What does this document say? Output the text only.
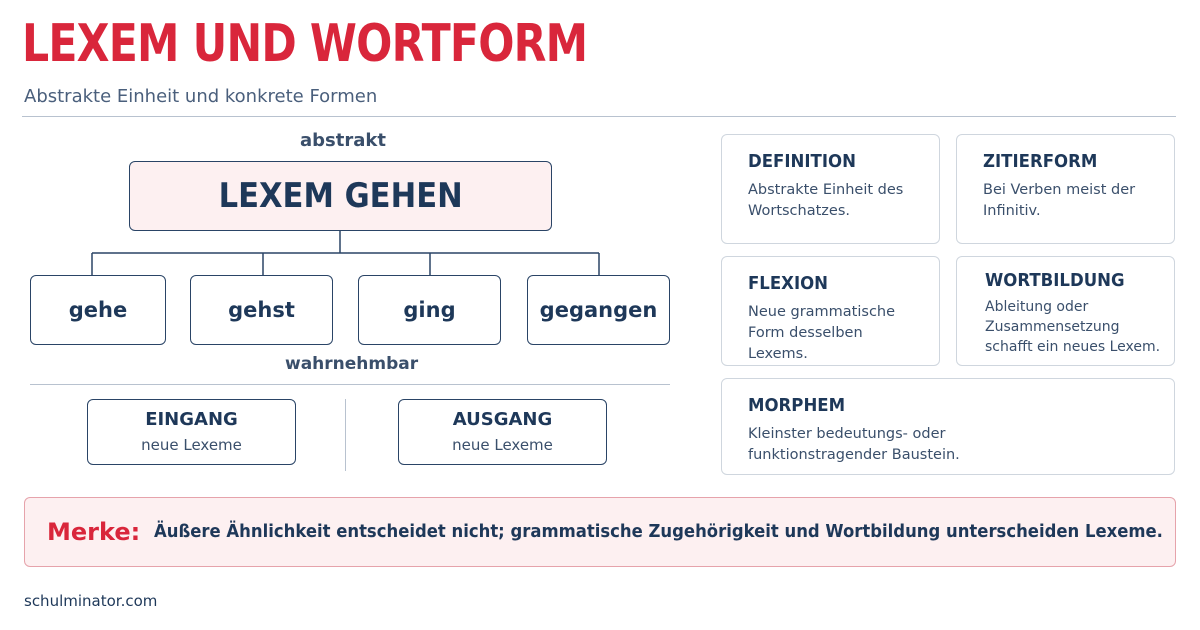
LEXEM UND WORTFORM
Abstrakte Einheit und konkrete Formen
abstrakt
LEXEM GEHEN
gehe	gehst	ging	gegangen
wahrnehmbar
EINGANG
neue Lexeme
AUSGANG
neue Lexeme
DEFINITION
Abstrakte Einheit des Wortschatzes.
ZITIERFORM
Bei Verben meist der Infinitiv.
FLEXION
Neue grammatische Form desselben Lexems.
WORTBILDUNG
Ableitung oder Zusammensetzung schafft ein neues Lexem.
MORPHEM
Kleinster bedeutungs- oder funktionstragender Baustein.
Merke: Äußere Ähnlichkeit entscheidet nicht; grammatische Zugehörigkeit und Wortbildung unterscheiden Lexeme.
schulminator.com
